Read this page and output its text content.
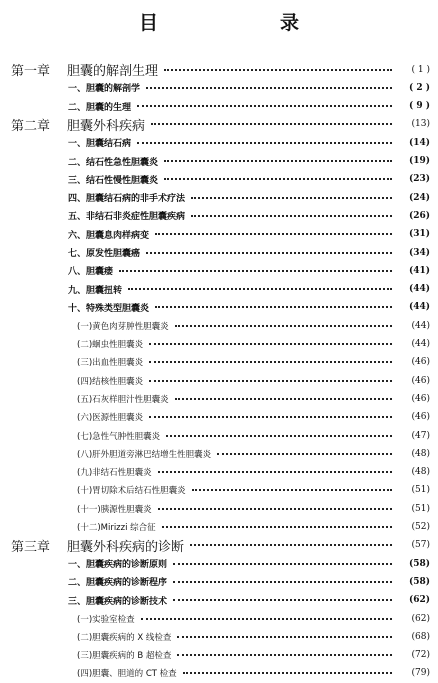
目　　录
第一章 胆囊的解剖生理	( 1 )
一、胆囊的解剖学	( 2 )
二、胆囊的生理	( 9 )
第二章 胆囊外科疾病	(13)
一、胆囊结石病	(14)
二、结石性急性胆囊炎	(19)
三、结石性慢性胆囊炎	(23)
四、胆囊结石病的非手术疗法	(24)
五、非结石非炎症性胆囊疾病	(26)
六、胆囊息肉样病变	(31)
七、原发性胆囊癌	(34)
八、胆囊瘘	(41)
九、胆囊扭转	(44)
十、特殊类型胆囊炎	(44)
(一)黄色肉芽肿性胆囊炎	(44)
(二)蛔虫性胆囊炎	(44)
(三)出血性胆囊炎	(46)
(四)结核性胆囊炎	(46)
(五)石灰样胆汁性胆囊炎	(46)
(六)医源性胆囊炎	(46)
(七)急性气肿性胆囊炎	(47)
(八)肝外胆道旁淋巴结增生性胆囊炎	(48)
(九)非结石性胆囊炎	(48)
(十)胃切除术后结石性胆囊炎	(51)
(十一)胰源性胆囊炎	(51)
(十二)Mirizzi 综合征	(52)
第三章 胆囊外科疾病的诊断	(57)
一、胆囊疾病的诊断原则	(58)
二、胆囊疾病的诊断程序	(58)
三、胆囊疾病的诊断技术	(62)
(一)实验室检查	(62)
(二)胆囊疾病的 X 线检查	(68)
(三)胆囊疾病的 B 超检查	(72)
(四)胆囊、胆道的 CT 检查	(79)
